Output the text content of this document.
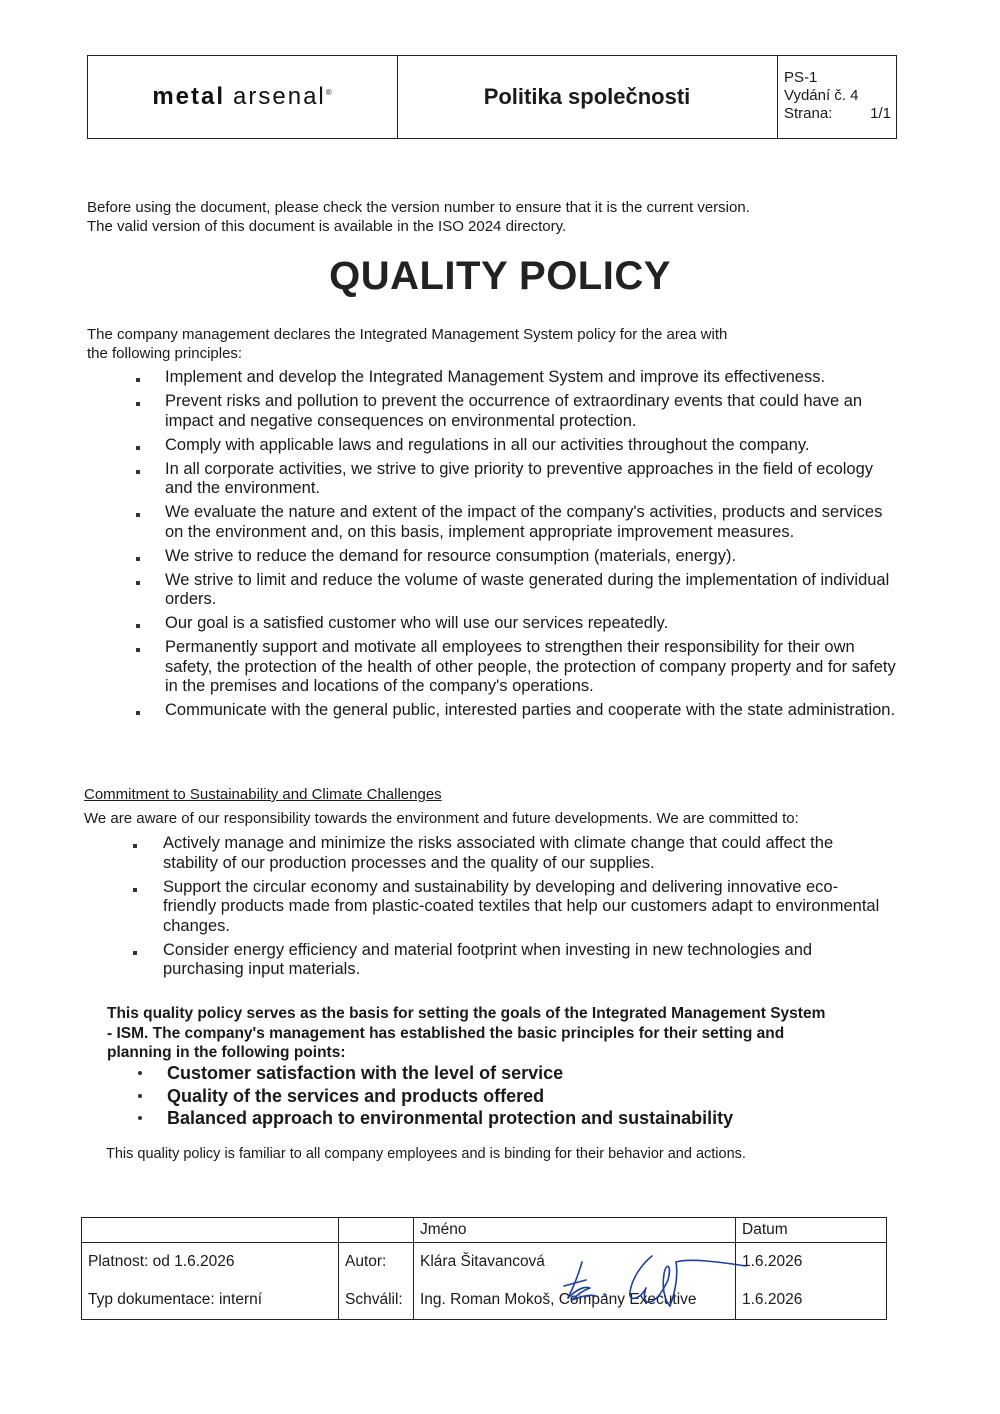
metal arsenal®	Politika společnosti
PS-1
Vydání č. 4
Strana:	1/1
Before using the document, please check the version number to ensure that it is the current version.
The valid version of this document is available in the ISO 2024 directory.
QUALITY POLICY
The company management declares the Integrated Management System policy for the area with
the following principles:
Implement and develop the Integrated Management System and improve its effectiveness.
Prevent risks and pollution to prevent the occurrence of extraordinary events that could have an impact and negative consequences on environmental protection.
Comply with applicable laws and regulations in all our activities throughout the company.
In all corporate activities, we strive to give priority to preventive approaches in the field of ecology and the environment.
We evaluate the nature and extent of the impact of the company's activities, products and services on the environment and, on this basis, implement appropriate improvement measures.
We strive to reduce the demand for resource consumption (materials, energy).
We strive to limit and reduce the volume of waste generated during the implementation of individual orders.
Our goal is a satisfied customer who will use our services repeatedly.
Permanently support and motivate all employees to strengthen their responsibility for their own safety, the protection of the health of other people, the protection of company property and for safety in the premises and locations of the company's operations.
Communicate with the general public, interested parties and cooperate with the state administration.
Commitment to Sustainability and Climate Challenges
We are aware of our responsibility towards the environment and future developments. We are committed to:
Actively manage and minimize the risks associated with climate change that could affect the stability of our production processes and the quality of our supplies.
Support the circular economy and sustainability by developing and delivering innovative eco-friendly products made from plastic-coated textiles that help our customers adapt to environmental changes.
Consider energy efficiency and material footprint when investing in new technologies and purchasing input materials.
This quality policy serves as the basis for setting the goals of the Integrated Management System - ISM. The company's management has established the basic principles for their setting and planning in the following points:
Customer satisfaction with the level of service
Quality of the services and products offered
Balanced approach to environmental protection and sustainability
This quality policy is familiar to all company employees and is binding for their behavior and actions.
		Jméno	Datum
Platnost: od 1.6.2026	Autor:	Klára Šitavancová	1.6.2026
Typ dokumentace: interní	Schválil:	Ing. Roman Mokoš, Company Executive	1.6.2026
